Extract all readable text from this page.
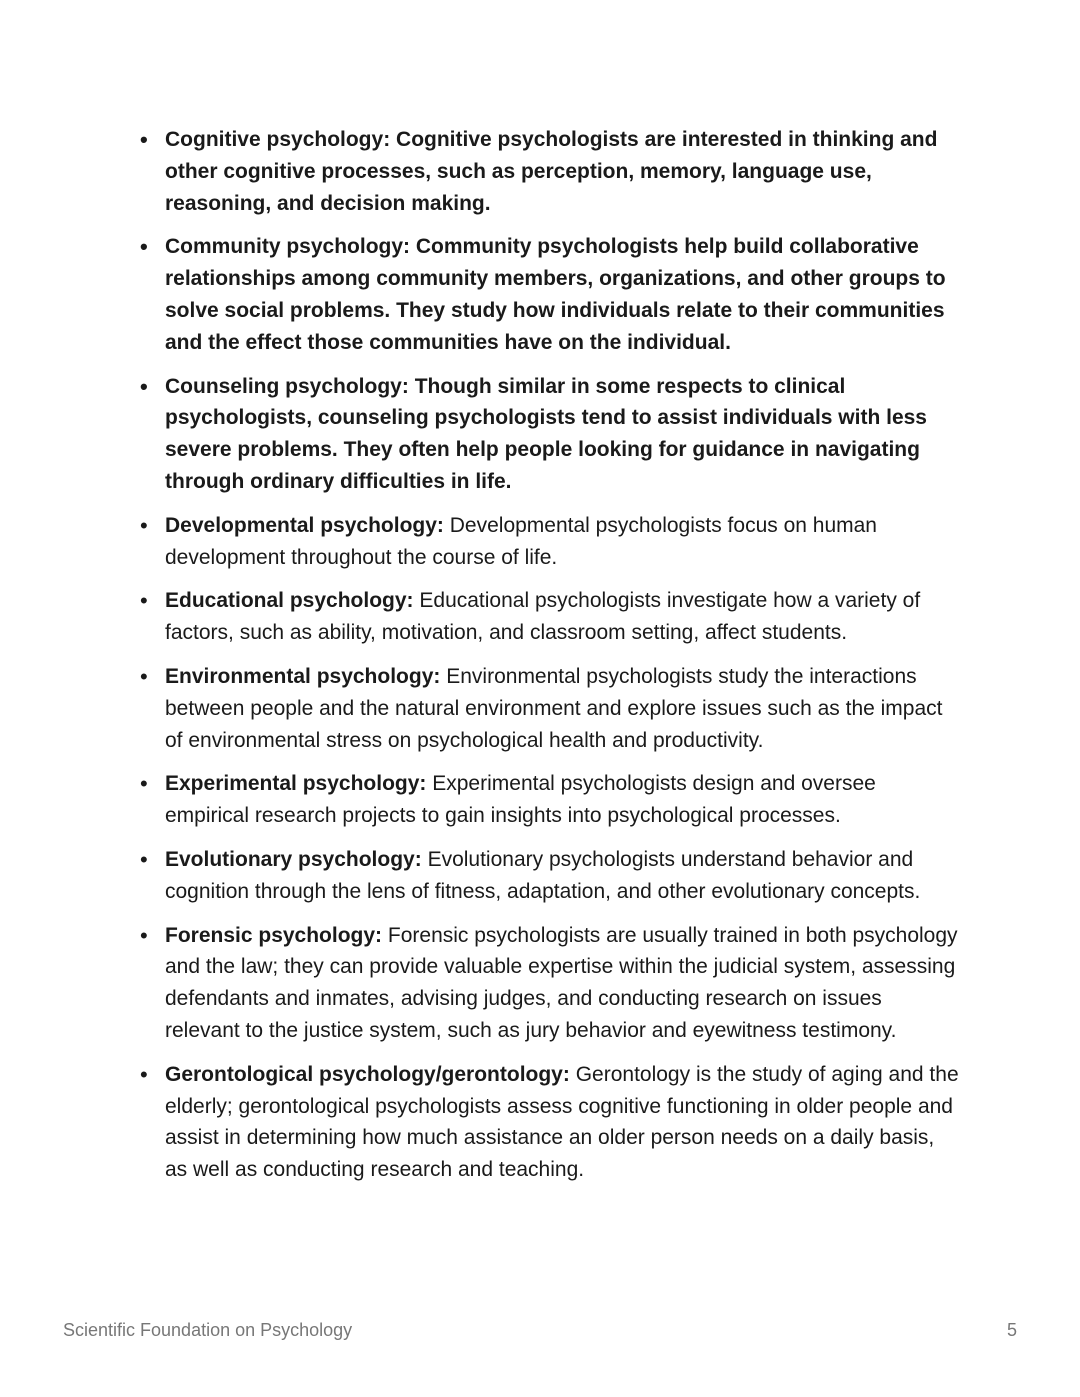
• Cognitive psychology: Cognitive psychologists are interested in thinking and other cognitive processes, such as perception, memory, language use, reasoning, and decision making.
• Community psychology: Community psychologists help build collaborative relationships among community members, organizations, and other groups to solve social problems. They study how individuals relate to their communities and the effect those communities have on the individual.
• Counseling psychology: Though similar in some respects to clinical psychologists, counseling psychologists tend to assist individuals with less severe problems. They often help people looking for guidance in navigating through ordinary difficulties in life.
• Developmental psychology: Developmental psychologists focus on human development throughout the course of life.
• Educational psychology: Educational psychologists investigate how a variety of factors, such as ability, motivation, and classroom setting, affect students.
• Environmental psychology: Environmental psychologists study the interactions between people and the natural environment and explore issues such as the impact of environmental stress on psychological health and productivity.
• Experimental psychology: Experimental psychologists design and oversee empirical research projects to gain insights into psychological processes.
• Evolutionary psychology: Evolutionary psychologists understand behavior and cognition through the lens of fitness, adaptation, and other evolutionary concepts.
• Forensic psychology: Forensic psychologists are usually trained in both psychology and the law; they can provide valuable expertise within the judicial system, assessing defendants and inmates, advising judges, and conducting research on issues relevant to the justice system, such as jury behavior and eyewitness testimony.
• Gerontological psychology/gerontology: Gerontology is the study of aging and the elderly; gerontological psychologists assess cognitive functioning in older people and assist in determining how much assistance an older person needs on a daily basis, as well as conducting research and teaching.
Scientific Foundation on Psychology	5
